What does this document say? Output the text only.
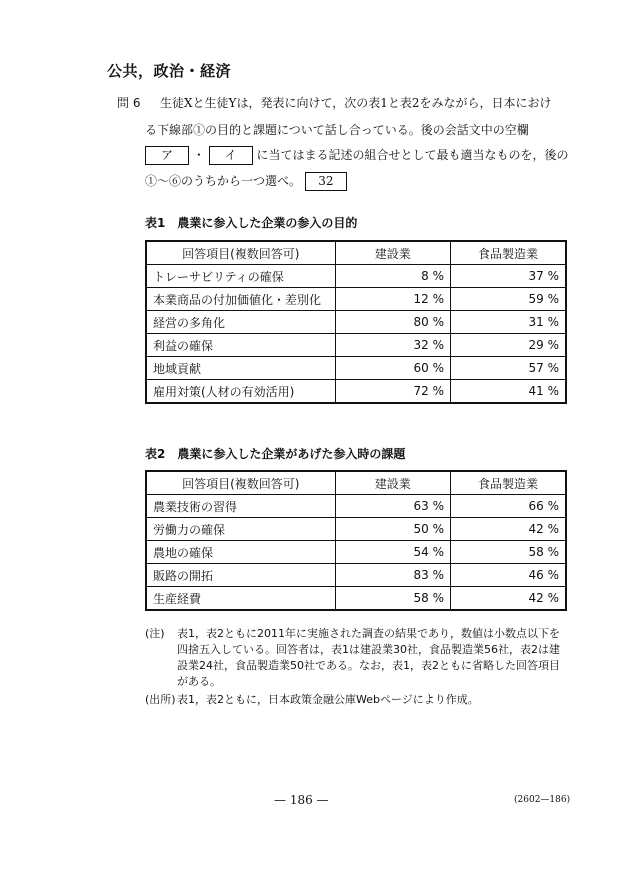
公共，政治・経済
問 6 生徒Xと生徒Yは，発表に向けて，次の表1と表2をみながら，日本におけ
る下線部①の目的と課題について話し合っている。後の会話文中の空欄
ア ・ イ に当てはまる記述の組合せとして最も適当なものを，後の
①～⑥のうちから一つ選べ。 32
表1 農業に参入した企業の参入の目的
回答項目(複数回答可)	建設業	食品製造業
トレーサビリティの確保	8 %	37 %
本業商品の付加価値化・差別化	12 %	59 %
経営の多角化	80 %	31 %
利益の確保	32 %	29 %
地域貢献	60 %	57 %
雇用対策(人材の有効活用)	72 %	41 %
表2 農業に参入した企業があげた参入時の課題
回答項目(複数回答可)	建設業	食品製造業
農業技術の習得	63 %	66 %
労働力の確保	50 %	42 %
農地の確保	54 %	58 %
販路の開拓	83 %	46 %
生産経費	58 %	42 %
(注) 表1，表2ともに2011年に実施された調査の結果であり，数値は小数点以下を
四捨五入している。回答者は，表1は建設業30社，食品製造業56社，表2は建
設業24社，食品製造業50社である。なお，表1，表2ともに省略した回答項目
がある。
(出所) 表1，表2ともに，日本政策金融公庫Webページにより作成。
— 186 —	(2602—186)
